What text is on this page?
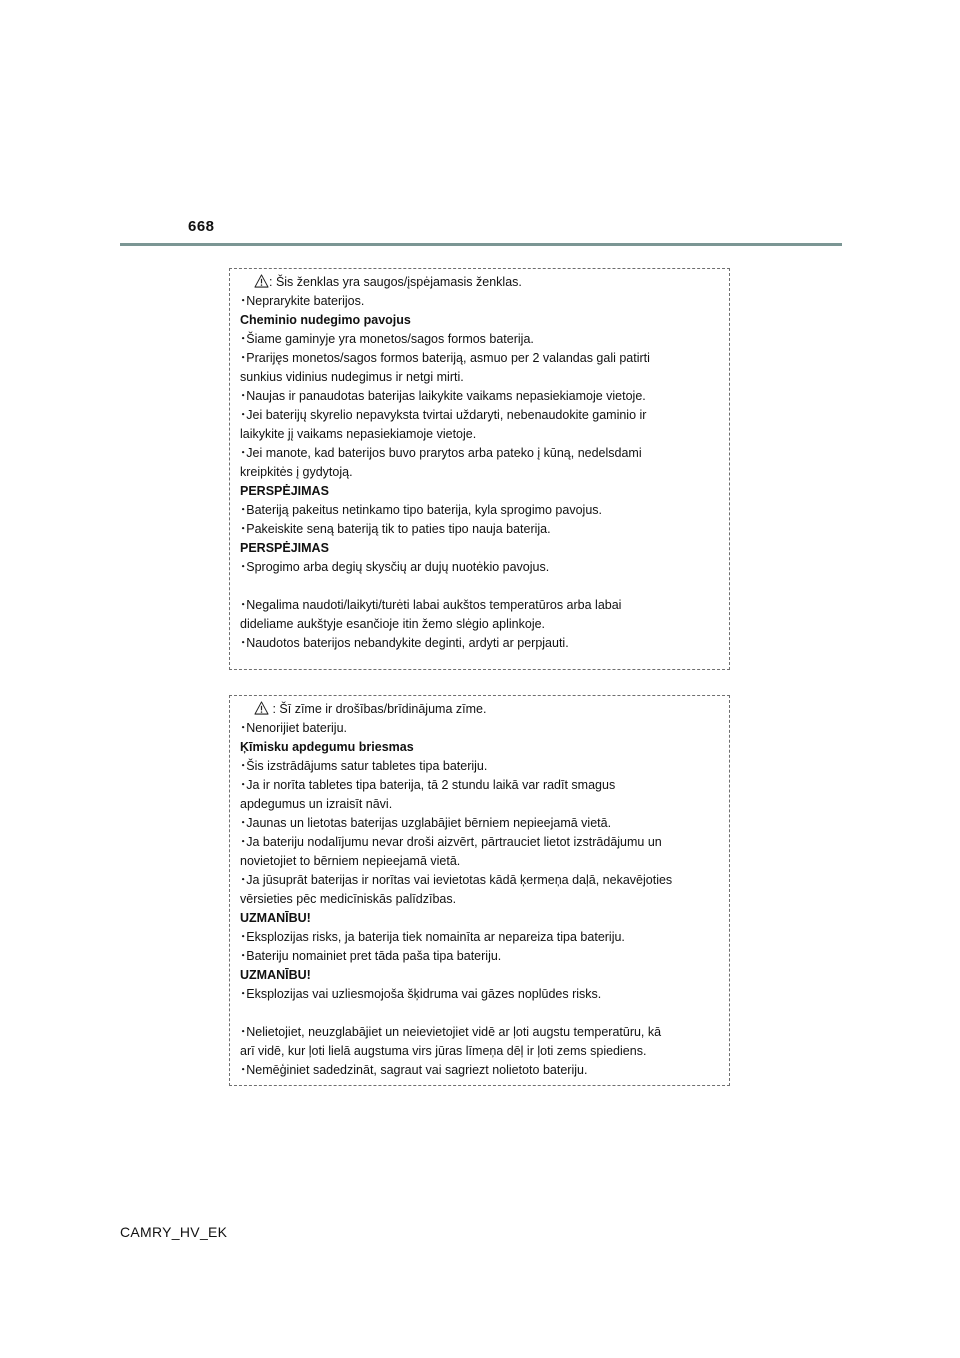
668
: Šis ženklas yra saugos/įspėjamasis ženklas.
･Neprarykite baterijos.
Cheminio nudegimo pavojus
･Šiame gaminyje yra monetos/sagos formos baterija.
･Prarijęs monetos/sagos formos bateriją, asmuo per 2 valandas gali patirti
sunkius vidinius nudegimus ir netgi mirti.
･Naujas ir panaudotas baterijas laikykite vaikams nepasiekiamoje vietoje.
･Jei baterijų skyrelio nepavyksta tvirtai uždaryti, nebenaudokite gaminio ir
laikykite jį vaikams nepasiekiamoje vietoje.
･Jei manote, kad baterijos buvo prarytos arba pateko į kūną, nedelsdami
kreipkitės į gydytoją.
PERSPĖJIMAS
･Bateriją pakeitus netinkamo tipo baterija, kyla sprogimo pavojus.
･Pakeiskite seną bateriją tik to paties tipo nauja baterija.
PERSPĖJIMAS
･Sprogimo arba degių skysčių ar dujų nuotėkio pavojus.
･Negalima naudoti/laikyti/turėti labai aukštos temperatūros arba labai
dideliame aukštyje esančioje itin žemo slėgio aplinkoje.
･Naudotos baterijos nebandykite deginti, ardyti ar perpjauti.
: Šī zīme ir drošības/brīdinājuma zīme.
･Nenorijiet bateriju.
Ķīmisku apdegumu briesmas
･Šis izstrādājums satur tabletes tipa bateriju.
･Ja ir norīta tabletes tipa baterija, tā 2 stundu laikā var radīt smagus
apdegumus un izraisīt nāvi.
･Jaunas un lietotas baterijas uzglabājiet bērniem nepieejamā vietā.
･Ja bateriju nodalījumu nevar droši aizvērt, pārtrauciet lietot izstrādājumu un
novietojiet to bērniem nepieejamā vietā.
･Ja jūsuprāt baterijas ir norītas vai ievietotas kādā ķermeņa daļā, nekavējoties
vērsieties pēc medicīniskās palīdzības.
UZMANĪBU!
･Eksplozijas risks, ja baterija tiek nomainīta ar nepareiza tipa bateriju.
･Bateriju nomainiet pret tāda paša tipa bateriju.
UZMANĪBU!
･Eksplozijas vai uzliesmojoša šķidruma vai gāzes noplūdes risks.
･Nelietojiet, neuzglabājiet un neievietojiet vidē ar ļoti augstu temperatūru, kā
arī vidē, kur ļoti lielā augstuma virs jūras līmeņa dēļ ir ļoti zems spiediens.
･Nemēģiniet sadedzināt, sagraut vai sagriezt nolietoto bateriju.
CAMRY_HV_EK
